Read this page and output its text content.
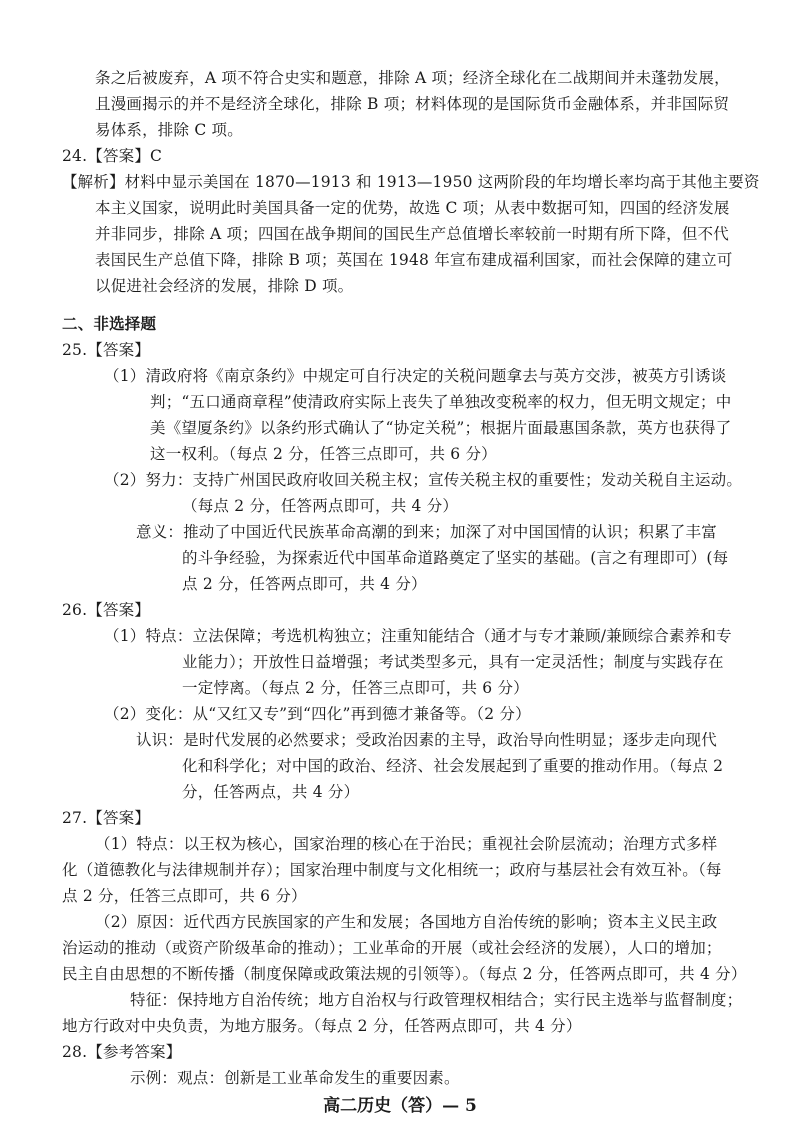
条之后被废弃，A 项不符合史实和题意，排除 A 项；经济全球化在二战期间并未蓬勃发展，
且漫画揭示的并不是经济全球化，排除 B 项；材料体现的是国际货币金融体系，并非国际贸
易体系，排除 C 项。
24.【答案】C
【解析】材料中显示美国在 1870—1913 和 1913—1950 这两阶段的年均增长率均高于其他主要资
本主义国家，说明此时美国具备一定的优势，故选 C 项；从表中数据可知，四国的经济发展
并非同步，排除 A 项；四国在战争期间的国民生产总值增长率较前一时期有所下降，但不代
表国民生产总值下降，排除 B 项；英国在 1948 年宣布建成福利国家，而社会保障的建立可
以促进社会经济的发展，排除 D 项。
二、非选择题
25.【答案】
（1）清政府将《南京条约》中规定可自行决定的关税问题拿去与英方交涉，被英方引诱谈
判；“五口通商章程”使清政府实际上丧失了单独改变税率的权力，但无明文规定；中
美《望厦条约》以条约形式确认了“协定关税”；根据片面最惠国条款，英方也获得了
这一权利。（每点 2 分，任答三点即可，共 6 分）
（2）努力：支持广州国民政府收回关税主权；宣传关税主权的重要性；发动关税自主运动。
（每点 2 分，任答两点即可，共 4 分）
意义：推动了中国近代民族革命高潮的到来；加深了对中国国情的认识；积累了丰富
的斗争经验，为探索近代中国革命道路奠定了坚实的基础。(言之有理即可）(每
点 2 分，任答两点即可，共 4 分）
26.【答案】
（1）特点：立法保障；考选机构独立；注重知能结合（通才与专才兼顾/兼顾综合素养和专
业能力）；开放性日益增强；考试类型多元，具有一定灵活性；制度与实践存在
一定悖离。（每点 2 分，任答三点即可，共 6 分）
（2）变化：从“又红又专”到“四化”再到德才兼备等。（2 分）
认识：是时代发展的必然要求；受政治因素的主导，政治导向性明显；逐步走向现代
化和科学化；对中国的政治、经济、社会发展起到了重要的推动作用。（每点 2
分，任答两点，共 4 分）
27.【答案】
（1）特点：以王权为核心，国家治理的核心在于治民；重视社会阶层流动；治理方式多样
化（道德教化与法律规制并存）；国家治理中制度与文化相统一；政府与基层社会有效互补。（每
点 2 分，任答三点即可，共 6 分）
（2）原因：近代西方民族国家的产生和发展；各国地方自治传统的影响；资本主义民主政
治运动的推动（或资产阶级革命的推动）；工业革命的开展（或社会经济的发展），人口的增加；
民主自由思想的不断传播（制度保障或政策法规的引领等）。（每点 2 分，任答两点即可，共 4 分）
特征：保持地方自治传统；地方自治权与行政管理权相结合；实行民主选举与监督制度；
地方行政对中央负责，为地方服务。（每点 2 分，任答两点即可，共 4 分）
28.【参考答案】
示例：观点：创新是工业革命发生的重要因素。
高二历史（答）— 5
